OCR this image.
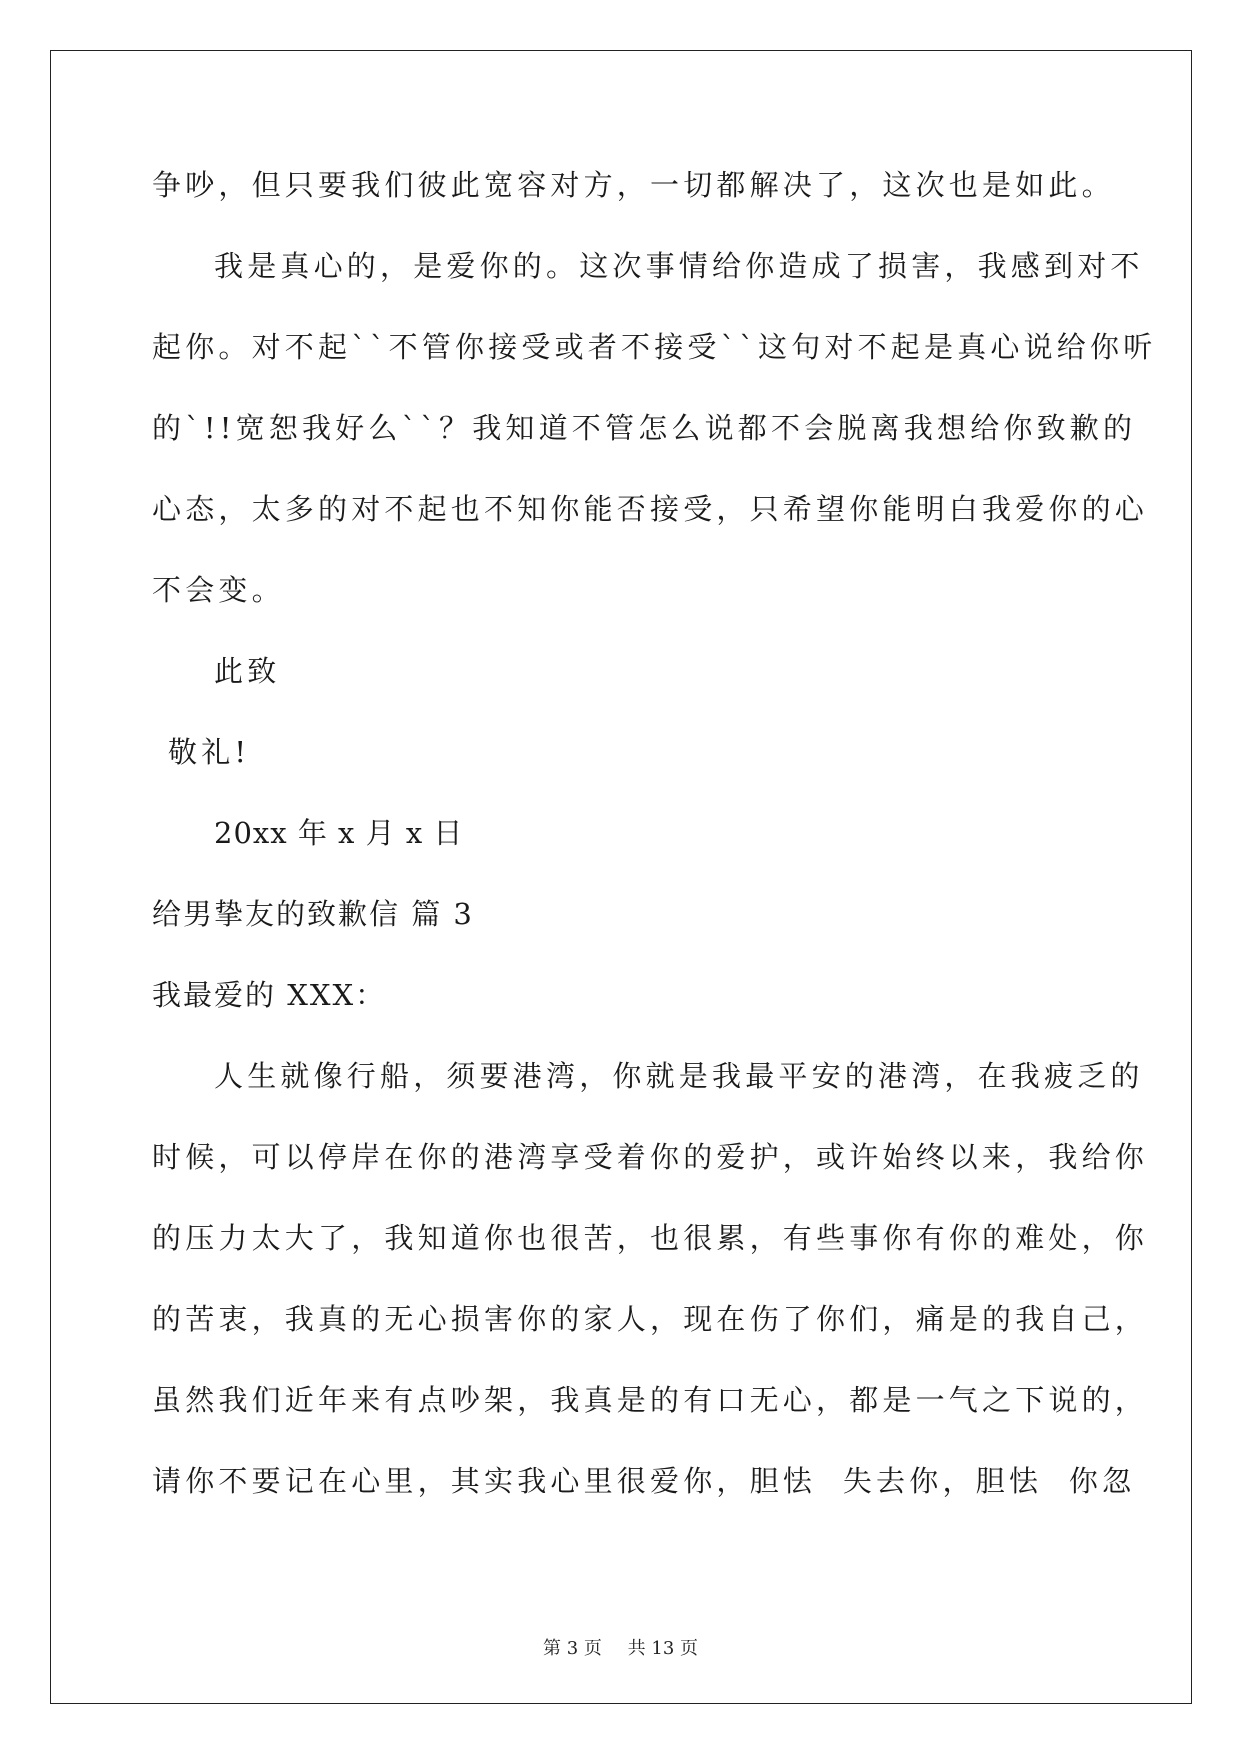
争吵，但只要我们彼此宽容对方，一切都解决了，这次也是如此。
我是真心的，是爱你的。这次事情给你造成了损害，我感到对不
起你。对不起``不管你接受或者不接受``这句对不起是真心说给你听
的`!!宽恕我好么``？我知道不管怎么说都不会脱离我想给你致歉的
心态，太多的对不起也不知你能否接受，只希望你能明白我爱你的心
不会变。
此致
敬礼!
20xx 年 x 月 x 日
给男挚友的致歉信 篇 3
我最爱的 XXX：
人生就像行船，须要港湾，你就是我最平安的港湾，在我疲乏的
时候，可以停岸在你的港湾享受着你的爱护，或许始终以来，我给你
的压力太大了，我知道你也很苦，也很累，有些事你有你的难处，你
的苦衷，我真的无心损害你的家人，现在伤了你们，痛是的我自己，
虽然我们近年来有点吵架，我真是的有口无心，都是一气之下说的，
请你不要记在心里，其实我心里很爱你，胆怯  失去你，胆怯  你忽
第 3 页 共 13 页
